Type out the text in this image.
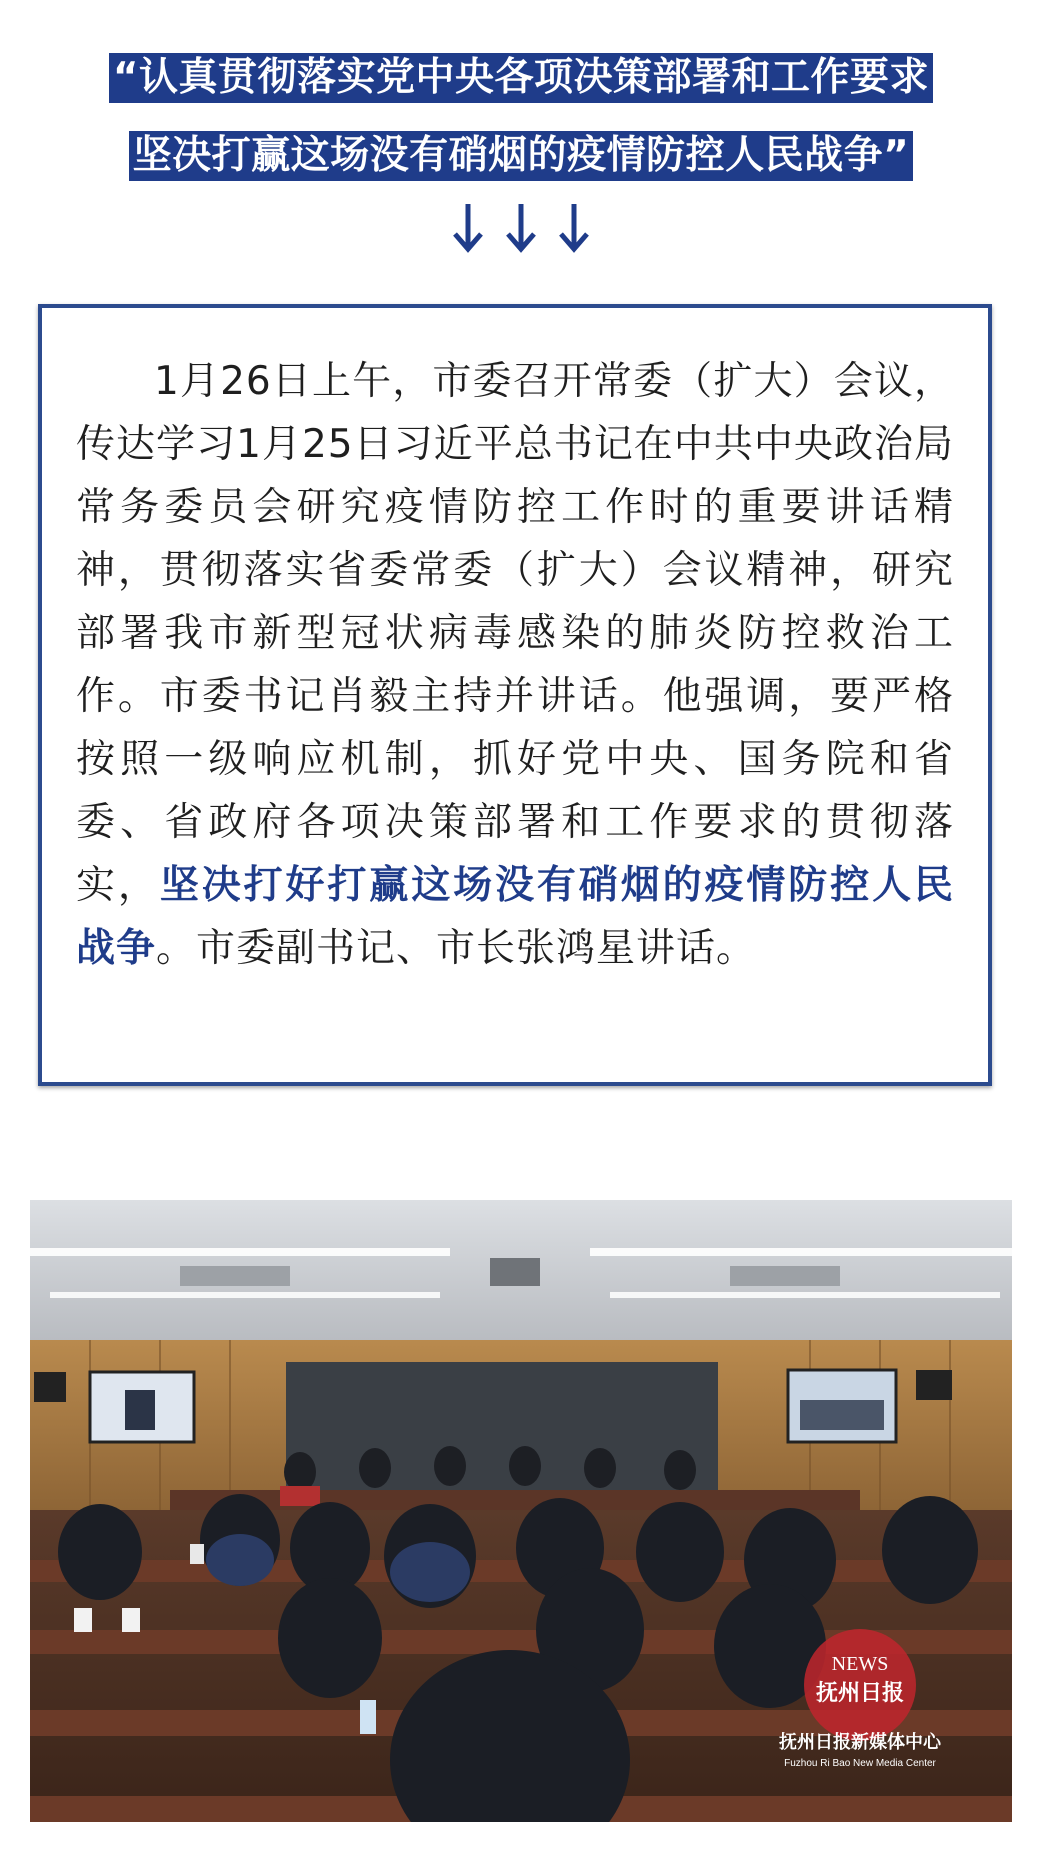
“认真贯彻落实党中央各项决策部署和工作要求
坚决打赢这场没有硝烟的疫情防控人民战争”

1月26日上午，市委召开常委（扩大）会议，传达学习1月25日习近平总书记在中共中央政治局常务委员会研究疫情防控工作时的重要讲话精神，贯彻落实省委常委（扩大）会议精神，研究部署我市新型冠状病毒感染的肺炎防控救治工作。市委书记肖毅主持并讲话。他强调，要严格按照一级响应机制，抓好党中央、国务院和省委、省政府各项决策部署和工作要求的贯彻落实，坚决打好打赢这场没有硝烟的疫情防控人民战争。市委副书记、市长张鸿星讲话。

NEWS
抚州日报
抚州日报新媒体中心
Fuzhou Ri Bao New Media Center
